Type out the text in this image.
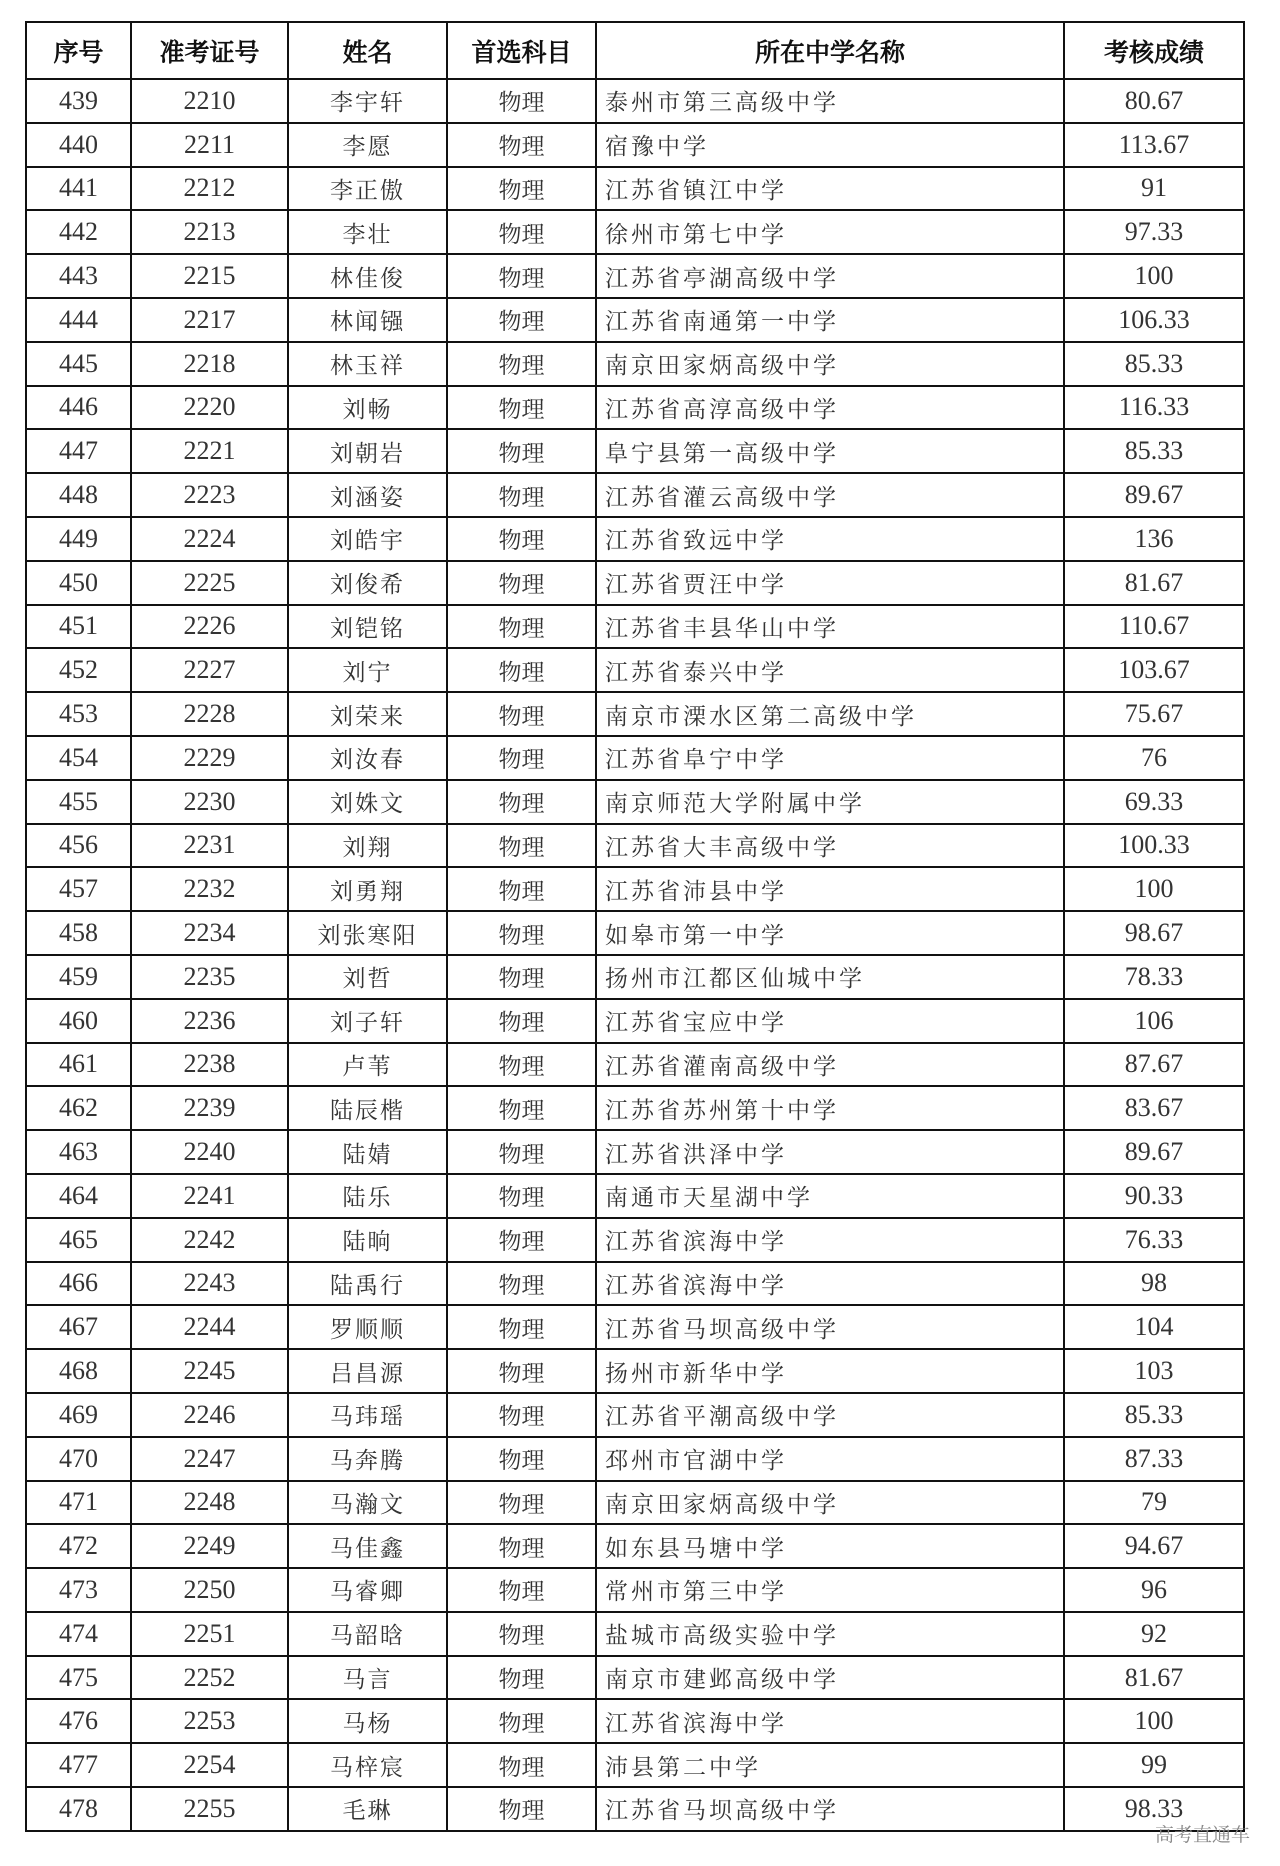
序号	准考证号	姓名	首选科目	所在中学名称	考核成绩
439	2210	李宇轩	物理	泰州市第三高级中学	80.67
440	2211	李愿	物理	宿豫中学	113.67
441	2212	李正傲	物理	江苏省镇江中学	91
442	2213	李壮	物理	徐州市第七中学	97.33
443	2215	林佳俊	物理	江苏省亭湖高级中学	100
444	2217	林闻镪	物理	江苏省南通第一中学	106.33
445	2218	林玉祥	物理	南京田家炳高级中学	85.33
446	2220	刘畅	物理	江苏省高淳高级中学	116.33
447	2221	刘朝岩	物理	阜宁县第一高级中学	85.33
448	2223	刘涵姿	物理	江苏省灌云高级中学	89.67
449	2224	刘皓宇	物理	江苏省致远中学	136
450	2225	刘俊希	物理	江苏省贾汪中学	81.67
451	2226	刘铠铭	物理	江苏省丰县华山中学	110.67
452	2227	刘宁	物理	江苏省泰兴中学	103.67
453	2228	刘荣来	物理	南京市溧水区第二高级中学	75.67
454	2229	刘汝春	物理	江苏省阜宁中学	76
455	2230	刘姝文	物理	南京师范大学附属中学	69.33
456	2231	刘翔	物理	江苏省大丰高级中学	100.33
457	2232	刘勇翔	物理	江苏省沛县中学	100
458	2234	刘张寒阳	物理	如皋市第一中学	98.67
459	2235	刘哲	物理	扬州市江都区仙城中学	78.33
460	2236	刘子轩	物理	江苏省宝应中学	106
461	2238	卢苇	物理	江苏省灌南高级中学	87.67
462	2239	陆辰楷	物理	江苏省苏州第十中学	83.67
463	2240	陆婧	物理	江苏省洪泽中学	89.67
464	2241	陆乐	物理	南通市天星湖中学	90.33
465	2242	陆晌	物理	江苏省滨海中学	76.33
466	2243	陆禹行	物理	江苏省滨海中学	98
467	2244	罗顺顺	物理	江苏省马坝高级中学	104
468	2245	吕昌源	物理	扬州市新华中学	103
469	2246	马玮瑶	物理	江苏省平潮高级中学	85.33
470	2247	马奔腾	物理	邳州市官湖中学	87.33
471	2248	马瀚文	物理	南京田家炳高级中学	79
472	2249	马佳鑫	物理	如东县马塘中学	94.67
473	2250	马睿卿	物理	常州市第三中学	96
474	2251	马韶晗	物理	盐城市高级实验中学	92
475	2252	马言	物理	南京市建邺高级中学	81.67
476	2253	马杨	物理	江苏省滨海中学	100
477	2254	马梓宸	物理	沛县第二中学	99
478	2255	毛琳	物理	江苏省马坝高级中学	98.33
高考直通车
